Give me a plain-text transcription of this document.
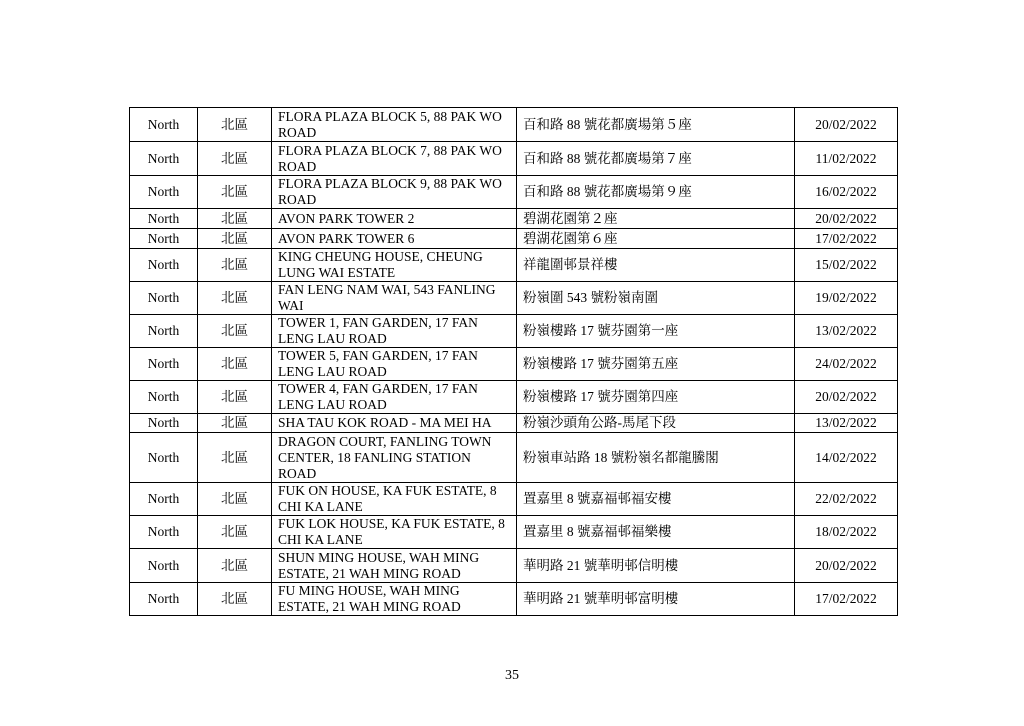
North	北區	FLORA PLAZA BLOCK 5, 88 PAK WO ROAD	百和路 88 號花都廣場第５座	20/02/2022
North	北區	FLORA PLAZA BLOCK 7, 88 PAK WO ROAD	百和路 88 號花都廣場第７座	11/02/2022
North	北區	FLORA PLAZA BLOCK 9, 88 PAK WO ROAD	百和路 88 號花都廣場第９座	16/02/2022
North	北區	AVON PARK TOWER 2	碧湖花園第２座	20/02/2022
North	北區	AVON PARK TOWER 6	碧湖花園第６座	17/02/2022
North	北區	KING CHEUNG HOUSE, CHEUNG LUNG WAI ESTATE	祥龍圍邨景祥樓	15/02/2022
North	北區	FAN LENG NAM WAI, 543 FANLING WAI	粉嶺圍 543 號粉嶺南圍	19/02/2022
North	北區	TOWER 1, FAN GARDEN, 17 FAN LENG LAU ROAD	粉嶺樓路 17 號芬園第一座	13/02/2022
North	北區	TOWER 5, FAN GARDEN, 17 FAN LENG LAU ROAD	粉嶺樓路 17 號芬園第五座	24/02/2022
North	北區	TOWER 4, FAN GARDEN, 17 FAN LENG LAU ROAD	粉嶺樓路 17 號芬園第四座	20/02/2022
North	北區	SHA TAU KOK ROAD - MA MEI HA	粉嶺沙頭角公路-馬尾下段	13/02/2022
North	北區	DRAGON COURT, FANLING TOWN CENTER, 18 FANLING STATION ROAD	粉嶺車站路 18 號粉嶺名都龍騰閣	14/02/2022
North	北區	FUK ON HOUSE, KA FUK ESTATE, 8 CHI KA LANE	置嘉里 8 號嘉福邨福安樓	22/02/2022
North	北區	FUK LOK HOUSE, KA FUK ESTATE, 8 CHI KA LANE	置嘉里 8 號嘉福邨福樂樓	18/02/2022
North	北區	SHUN MING HOUSE, WAH MING ESTATE, 21 WAH MING ROAD	華明路 21 號華明邨信明樓	20/02/2022
North	北區	FU MING HOUSE, WAH MING ESTATE, 21 WAH MING ROAD	華明路 21 號華明邨富明樓	17/02/2022
35
